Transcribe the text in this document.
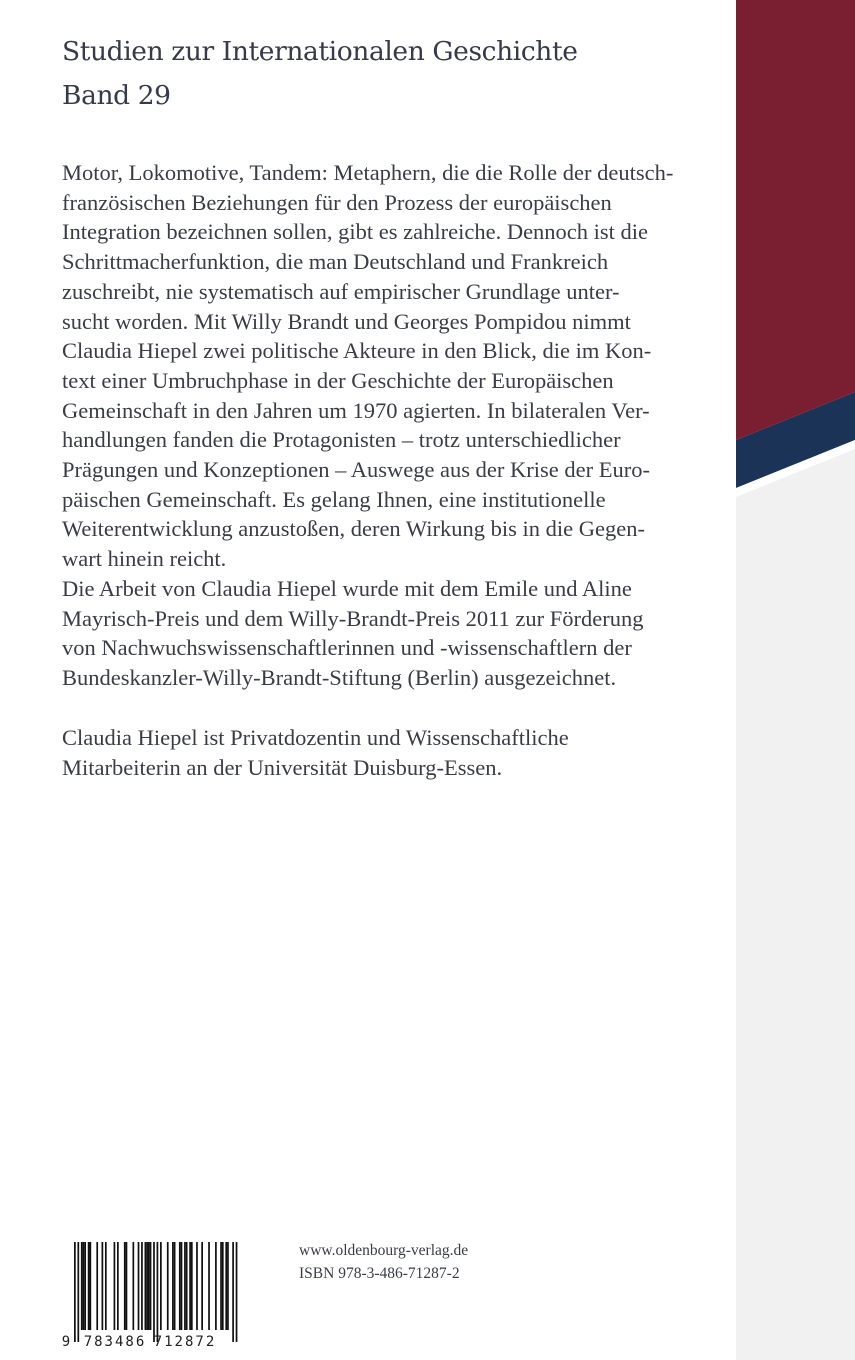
Studien zur Internationalen Geschichte
Band 29
Motor, Lokomotive, Tandem: Metaphern, die die Rolle der deutsch-
französischen Beziehungen für den Prozess der europäischen
Integration bezeichnen sollen, gibt es zahlreiche. Dennoch ist die
Schrittmacherfunktion, die man Deutschland und Frankreich
zuschreibt, nie systematisch auf empirischer Grundlage unter-
sucht worden. Mit Willy Brandt und Georges Pompidou nimmt
Claudia Hiepel zwei politische Akteure in den Blick, die im Kon-
text einer Umbruchphase in der Geschichte der Europäischen
Gemeinschaft in den Jahren um 1970 agierten. In bilateralen Ver-
handlungen fanden die Protagonisten – trotz unterschiedlicher
Prägungen und Konzeptionen – Auswege aus der Krise der Euro-
päischen Gemeinschaft. Es gelang Ihnen, eine institutionelle
Weiterentwicklung anzustoßen, deren Wirkung bis in die Gegen-
wart hinein reicht.
Die Arbeit von Claudia Hiepel wurde mit dem Emile und Aline
Mayrisch-Preis und dem Willy-Brandt-Preis 2011 zur Förderung
von Nachwuchswissenschaftlerinnen und -wissenschaftlern der
Bundeskanzler-Willy-Brandt-Stiftung (Berlin) ausgezeichnet.
Claudia Hiepel ist Privatdozentin und Wissenschaftliche
Mitarbeiterin an der Universität Duisburg-Essen.
9 783486 712872
www.oldenbourg-verlag.de
ISBN 978-3-486-71287-2
